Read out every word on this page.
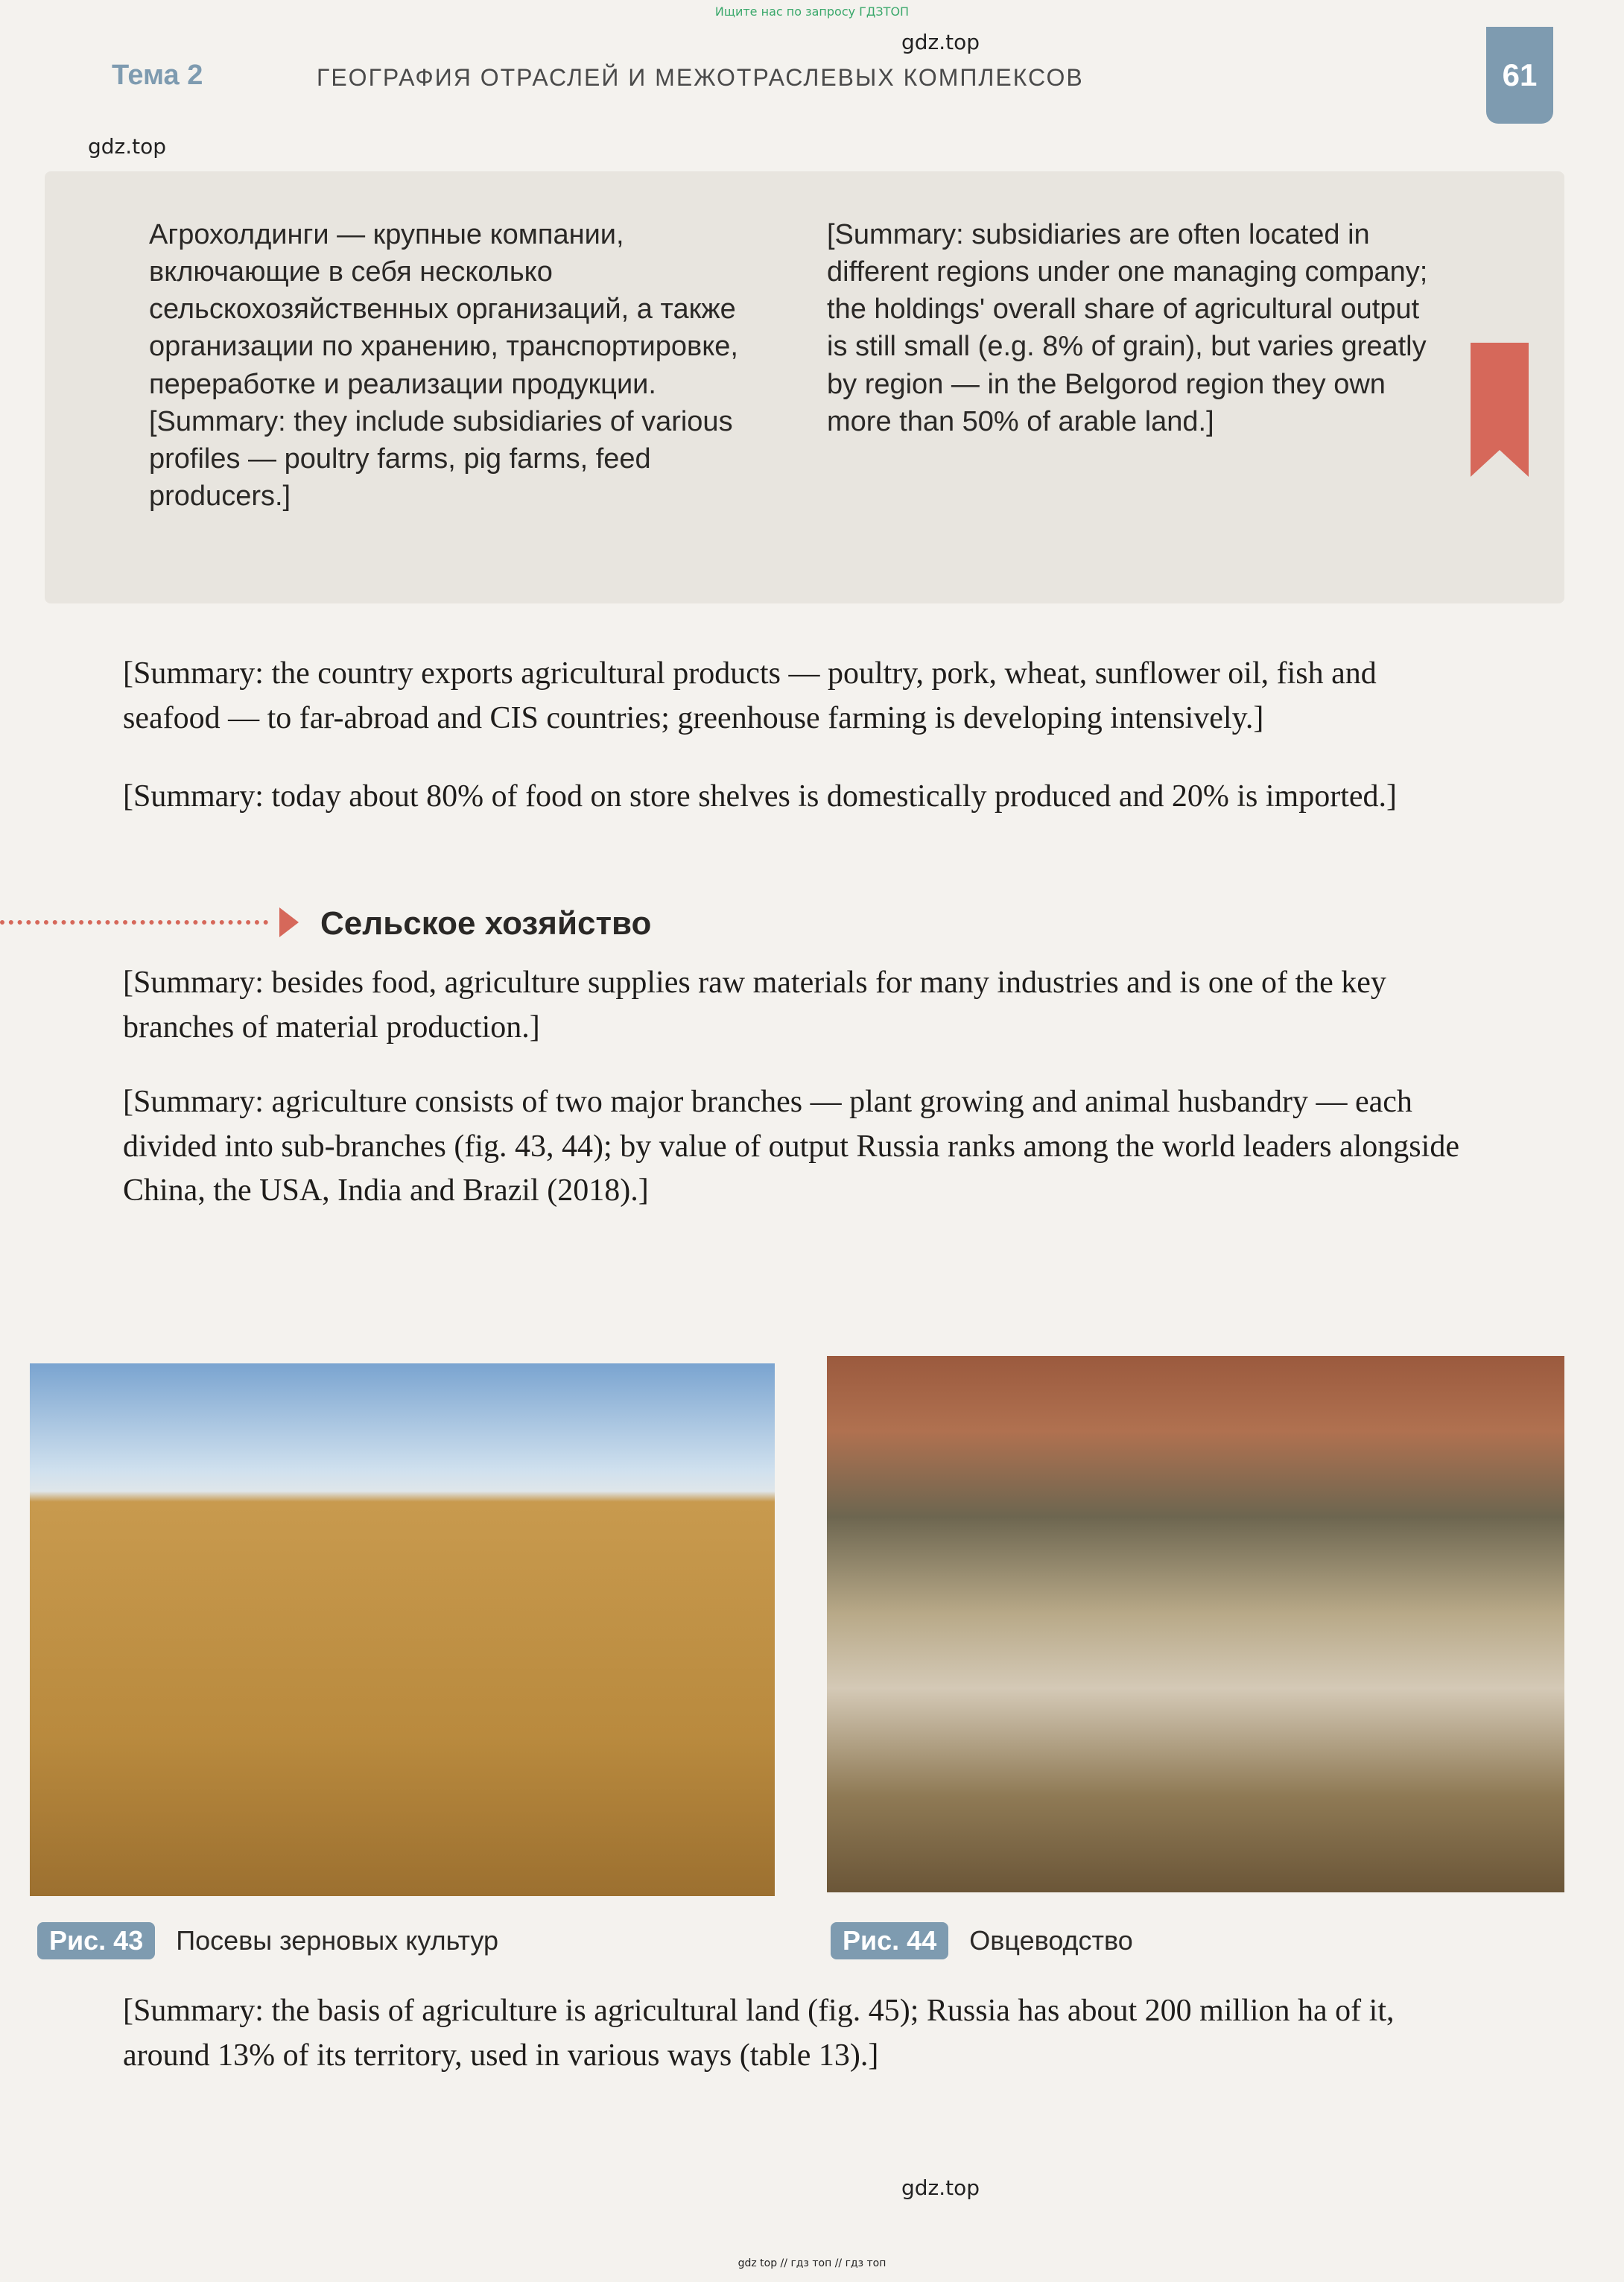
Ищите нас по запросу ГДЗТОП
Тема 2	ГЕОГРАФИЯ ОТРАСЛЕЙ И МЕЖОТРАСЛЕВЫХ КОМПЛЕКСОВ	61
Агрохолдинги — крупные компании, включающие в себя несколько сельскохозяйственных организаций, а также организации по хранению, транспортировке, переработке и реализации продукции. [Summary: they include subsidiaries of various profiles — poultry farms, pig farms, feed producers.]
[Summary: subsidiaries are often located in different regions under one managing company; the holdings' overall share of agricultural output is still small (e.g. 8% of grain), but varies greatly by region — in the Belgorod region they own more than 50% of arable land.]
[Summary: the country exports agricultural products — poultry, pork, wheat, sunflower oil, fish and seafood — to far-abroad and CIS countries; greenhouse farming is developing intensively.]
[Summary: today about 80% of food on store shelves is domestically produced and 20% is imported.]
Сельское хозяйство
[Summary: besides food, agriculture supplies raw materials for many industries and is one of the key branches of material production.]
[Summary: agriculture consists of two major branches — plant growing and animal husbandry — each divided into sub-branches (fig. 43, 44); by value of output Russia ranks among the world leaders alongside China, the USA, India and Brazil (2018).]
Рис. 43 Посевы зерновых культур	Рис. 44 Овцеводство
[Summary: the basis of agriculture is agricultural land (fig. 45); Russia has about 200 million ha of it, around 13% of its territory, used in various ways (table 13).]
gdz.top
gdz.top
gdz.top
gdz top // гдз топ // гдз топ
